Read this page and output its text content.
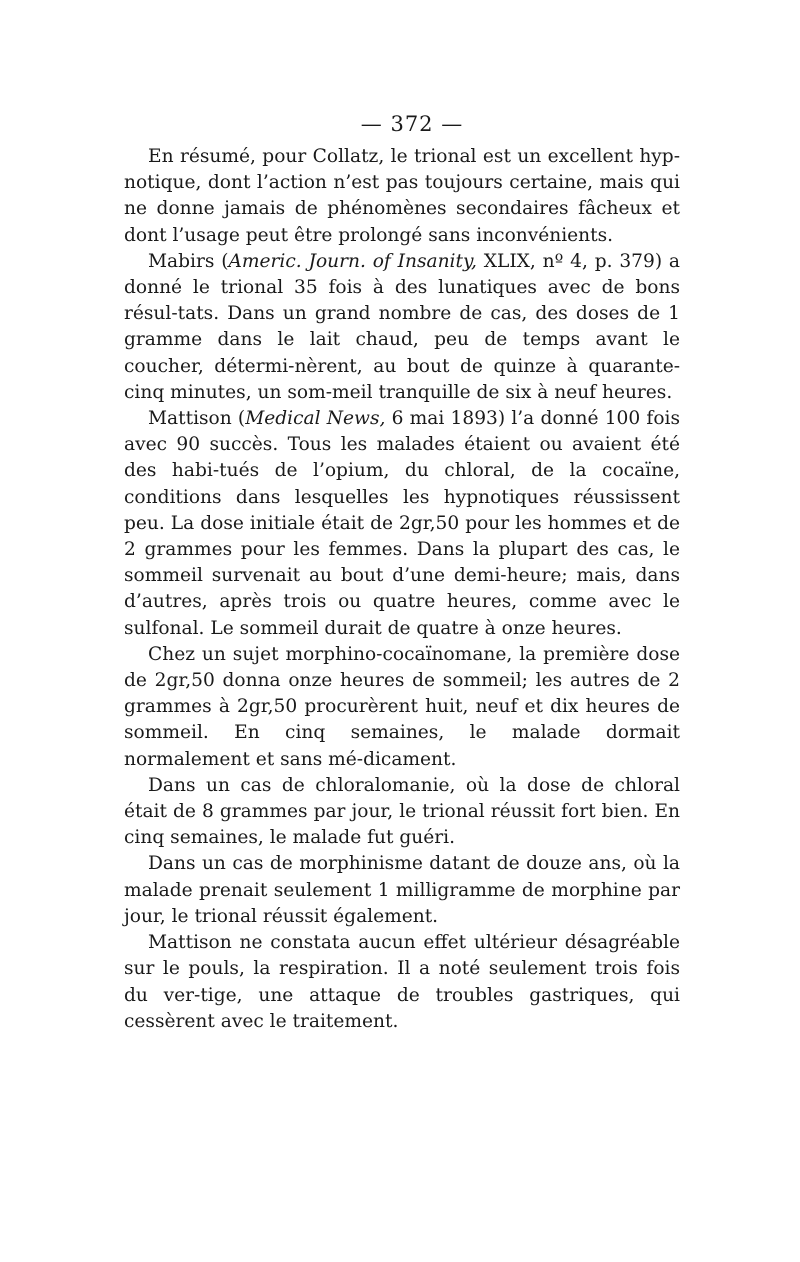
— 372 —

En résumé, pour Collatz, le trional est un excellent hyp-notique, dont l’action n’est pas toujours certaine, mais qui ne donne jamais de phénomènes secondaires fâcheux et dont l’usage peut être prolongé sans inconvénients.

Mabirs (Americ. Journ. of Insanity, XLIX, nº 4, p. 379) a donné le trional 35 fois à des lunatiques avec de bons résul-tats. Dans un grand nombre de cas, des doses de 1 gramme dans le lait chaud, peu de temps avant le coucher, détermi-nèrent, au bout de quinze à quarante-cinq minutes, un som-meil tranquille de six à neuf heures.

Mattison (Medical News, 6 mai 1893) l’a donné 100 fois avec 90 succès. Tous les malades étaient ou avaient été des habi-tués de l’opium, du chloral, de la cocaïne, conditions dans lesquelles les hypnotiques réussissent peu. La dose initiale était de 2gr,50 pour les hommes et de 2 grammes pour les femmes. Dans la plupart des cas, le sommeil survenait au bout d’une demi-heure; mais, dans d’autres, après trois ou quatre heures, comme avec le sulfonal. Le sommeil durait de quatre à onze heures.

Chez un sujet morphino-cocaïnomane, la première dose de 2gr,50 donna onze heures de sommeil; les autres de 2 grammes à 2gr,50 procurèrent huit, neuf et dix heures de sommeil. En cinq semaines, le malade dormait normalement et sans mé-dicament.

Dans un cas de chloralomanie, où la dose de chloral était de 8 grammes par jour, le trional réussit fort bien. En cinq semaines, le malade fut guéri.

Dans un cas de morphinisme datant de douze ans, où la malade prenait seulement 1 milligramme de morphine par jour, le trional réussit également.

Mattison ne constata aucun effet ultérieur désagréable sur le pouls, la respiration. Il a noté seulement trois fois du ver-tige, une attaque de troubles gastriques, qui cessèrent avec le traitement.
